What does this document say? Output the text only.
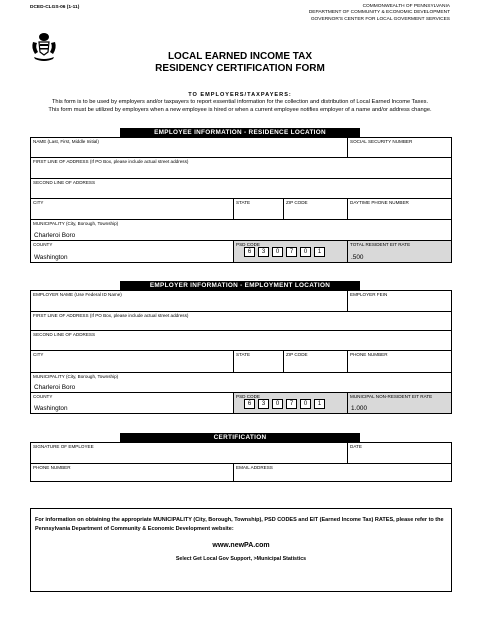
DCED-CLGS-06 (1-11)	COMMONWEALTH OF PENNSYLVANIA
DEPARTMENT OF COMMUNITY & ECONOMIC DEVELOPMENT
GOVERNOR'S CENTER FOR LOCAL GOVERMENT SERVICES
LOCAL EARNED INCOME TAX
RESIDENCY CERTIFICATION FORM
TO EMPLOYERS/TAXPAYERS:
This form is to be used by employers and/or taxpayers to report essential information for the collection and distribution of Local Earned Income Taxes.
This form must be utilized by employers when a new employee is hired or when a current employee notifies employer of a name and/or address change.
EMPLOYEE INFORMATION - RESIDENCE LOCATION
NAME (Last, First, Middle Initial)	SOCIAL SECURITY NUMBER
FIRST LINE OF ADDRESS (If PO Box, please include actual street address)
SECOND LINE OF ADDRESS
CITY	STATE	ZIP CODE	DAYTIME PHONE NUMBER
MUNICIPALITY (City, Borough, Township)
Charleroi Boro
COUNTY
Washington
PSD CODE
6	3	0	7	0	1
TOTAL RESIDENT EIT RATE
.500
EMPLOYER INFORMATION - EMPLOYMENT LOCATION
EMPLOYER NAME (Use Federal ID Name)	EMPLOYER FEIN
FIRST LINE OF ADDRESS (If PO Box, please include actual street address)
SECOND LINE OF ADDRESS
CITY	STATE	ZIP CODE	PHONE NUMBER
MUNICIPALITY (City, Borough, Township)
Charleroi Boro
COUNTY
Washington
PSD CODE
6	3	0	7	0	1
MUNICIPAL NON-RESIDENT EIT RATE
1.000
CERTIFICATION
SIGNATURE OF EMPLOYEE	DATE
PHONE NUMBER	EMAIL ADDRESS

For information on obtaining the appropriate MUNICIPALITY (City, Borough, Township), PSD CODES and EIT (Earned Income Tax) RATES, please refer to the Pennsylvania Department of Community & Economic Development website:

www.newPA.com

Select Get Local Gov Support, >Municipal Statistics
